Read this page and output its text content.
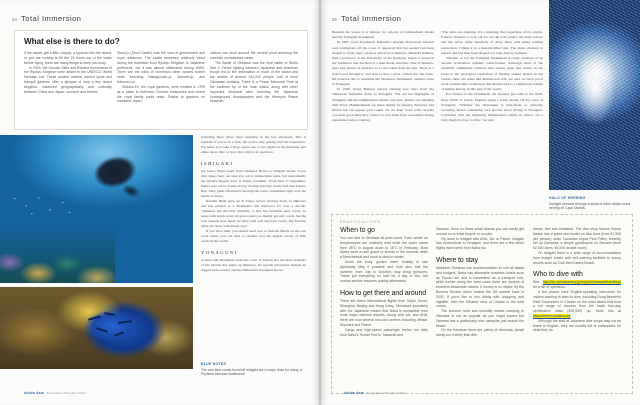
34 Total Immersion
What else is there to do?

If the waves get a little choppy, a typhoon hits the island, or you are looking to fill the 24 hours out of the water before flying, there are many things to keep you busy.

In 2000, the Gusuku Sites and Related Monuments of the Ryukyu Kingdom were added to the UNESCO World Heritage List. These ancient castles, sacred spots and tranquil gardens offer a glimpse of how a tiny island kingdom, balanced geographically and culturally between China and Japan, survived and thrived.

Shuri-jo (Shuri Castle) was the seat of government and royal residence. The castle remained relatively intact during the transition from Ryukyu Kingdom to Japanese prefecture, but it was almost obliterated during WWII. There are the ruins of numerous other castles further north including Nakagusuku-jo, Zamami-jo, and Katsuren-jo.

Shikina-En, the royal gardens, were created in 1799 as a place to entertain Chinese emissaries and where the royal family could relax. Similar to gardens on mainland Japan,

visitors can stroll around the central pond admiring the carefully orchestrated views.

The Battle of Okinawa was the final battle of World War II. Fierce fighting between Japanese and American troops led to the destruction of much of the island and the deaths of around 240,000 people, half of them Okinawan civilians. There is a Peace Memorial Park at the southern tip of the main island, along with other important historical sites including the Japanese Underground Headquarters and the Himeyuri Peace Museum.

including three dives, then returning in the late afternoon. This is fantastic if you're in a rush, but you're only getting half the experience. Far better is to take a ferry, spend one or two nights in the Keramas, and either shore dive or boat dive with local operators.

ISHIGAKI

An hour's flight south from Okinawa Honto is Ishigaki Island. Local dive shops here can take you out to immaculate reefs, but undoubtedly the island's biggest draw is 'manta scramble'. From June to September, manta rays can be found slowly circling outcrops on the reef near Kabira Bay. They glide effortlessly through the water, sometimes right over the heads of divers.

Kasumi Nishi grew up in Tokyo before moving down to Okinawa and has worked as a divemaster and instructor for over a decade. "Okinawa has the best visibility, it also has beautiful hard corals. In areas with warm water all-year-round you mainly get soft corals, but the four seasons here mean we have both soft and hard corals. My favorite dives are those with manta rays."

If you have time, you should head over to Shiraho Beach on the east coast where you can dive or snorkel over the largest colony of blue corals in the world.

YONAGUNI

A mere 100 kilometres from the coast of Taiwan sits the most westerly of the islands that make up Okinawa. Its topside attractions include its rugged slate scenery and the diminutive Yonaguni horses.

BLUE NOTES
The rare blue corals found off Ishigaki are a major draw for many; a Phyllidia varicosa nudibranch.
Action Asia September/October 2013
35 Total Immersion

Beneath the waves it is famous for schools of hammerhead sharks and the Yonaguni monument.

In 1987, local divemaster Kihachiro Aratake discovered unusual rock formations off the coast. It appeared that the seabed had been shaped to form steps, terraces and even sculptures. Masaaki Kimura, then a professor at the University of the Ryukyus, began to research the formation and declared it a man-made structure. One of Kimura-san's key pieces of evidence is a rock taken from the site. There is a hole bored through it, and next to that a cross, etched into the stone. He believes this to resemble the Shouzuoc monument, another stone in Yonaguni.

In 1999, Doug Bennett started running free trips from the Okinawan mainland down to Yonaguni. The are the highlights of Yonaguni and the hammerhead sharks, big tuna, marlin and amazing drift dives. Hammerheads are there mainly in January, February and March but can appear year round. As it's deep water with currents you need good buoyancy control so you must have reasonable diving experience before visiting.

"The ruins are amazing. It's a stunning dive regardless of its origins. Famous features to look out for are the twin pillars, the main terrace and the turtle. After hundreds of dives there with many leading researchers I think it is a man-modified site. The main structure is natural and has then been shaped at a later date by humans."

Whether or not the Yonaguni Monument is really evidence of an ancient civilisation remains controversial. Although most of the scientific community believes that seeing steps and turtles in the rocks is the geological equivalent of finding animal shapes in the clouds, there are some like Kimura-san who are sure we have proof of an Atlantis-like civilisation that should lead to a significant rewrite of human history in this part of the world.

For visitors to the monument, the mystery just adds to the thrill. Does Wirth of Leeds, England spent a week diving off the coast of Yonaguni: "Whether the monument is man-made or naturally occurring there's something very special about diving at Yonaguni. Combined with the migrating hammerhead sharks in winter, it's a truly magical place to dive," he said.

HALO OF HERRING
Sunlight streams through a shoal of silver-stripe round herring off Cape Maeda.
PRACTICALITIES
When to go

You can dive in Okinawa all-year-round. Even winter air temperatures are relatively mild while the water varies from 28°C in August down to 18°C in February. Most divers wear a rash guard or shortie in the summer while a 5mm wetsuit and hood is ideal in winter.

Avoid the busy 'golden week' holiday in late April/early May if possible and note also that the summer, from July to October, may bring typhoons. These put everything on hold for a day or two, but normal service resumes quickly afterwards.

How to get there and around

There are direct international flights from Taipei, Seoul, Shanghai, Beijing and Hong Kong. Okinawa's popularity with the Japanese means that Naha is accessible from most major national airports. Along with JAL and ANA, there are now several low-cost carriers including Jetstar, Skymark and Peach.

Cargo and high-speed passenger ferries run daily from Naha's Tomari Port to Tokashiki and

Zamami. Once on these small islands you can easily get around on a rental bicycle or scooter.

Fly down to Ishigaki with ANA, JAL or Peach. Ishigaki has connections to Yonaguni, and there are a few direct flights each week from Naha too.

Where to stay

Mainland Okinawa has accommodation to suit all tastes and budgets. Naha has affordable business hotels such as Toyoko Inn and is convenient as a transport hub, while further along the west coast there are dozens of excellent beachside resorts. If money is no object, try the Busena Terrace which hosted the G8 summit back in 2000. If you'd like to mix diving with shopping and nightlife, then the Mihama area of Chatan is the best choice.

The summer heat and humidity means camping in Okinawa is not as popular as you might expect but Zamami has a particularly nice campsite just beside the beach.

On the Keramas there are plenty of minshuku (small family-run hotels) that offer

dinner, bed and breakfast. The dive shop Marine House Seasir has a great new hostel on Aka Jima (from ¥7,000 per person) while Canadian expat Paul Paltry recently set up Zamamia, a simple guesthouse on Zamami (from ¥2,000 dorm, ¥3,000 double room).

On Ishigaki there is a wide range of accommodation from budget hotels with self-catering facilities to luxury resorts such as Club Med Kabira Beach.

Who to dive with

See http://en.okinawastory.jp/enjoy/okinawanblue/shop/ for a list of operators.

A few places have English-speaking instructors for visitors wanting to learn to dive, including Doug Bennett's Reef Encounters in Chatan on the main island that runs a full range of courses from the basic four-day certification class (¥39,000) up. More info at www.reefencounters.org

Although the staff at Japanese dive shops may not be fluent in English, they are usually full of enthusiasm for what they do.

Action Asia September/October 2013
